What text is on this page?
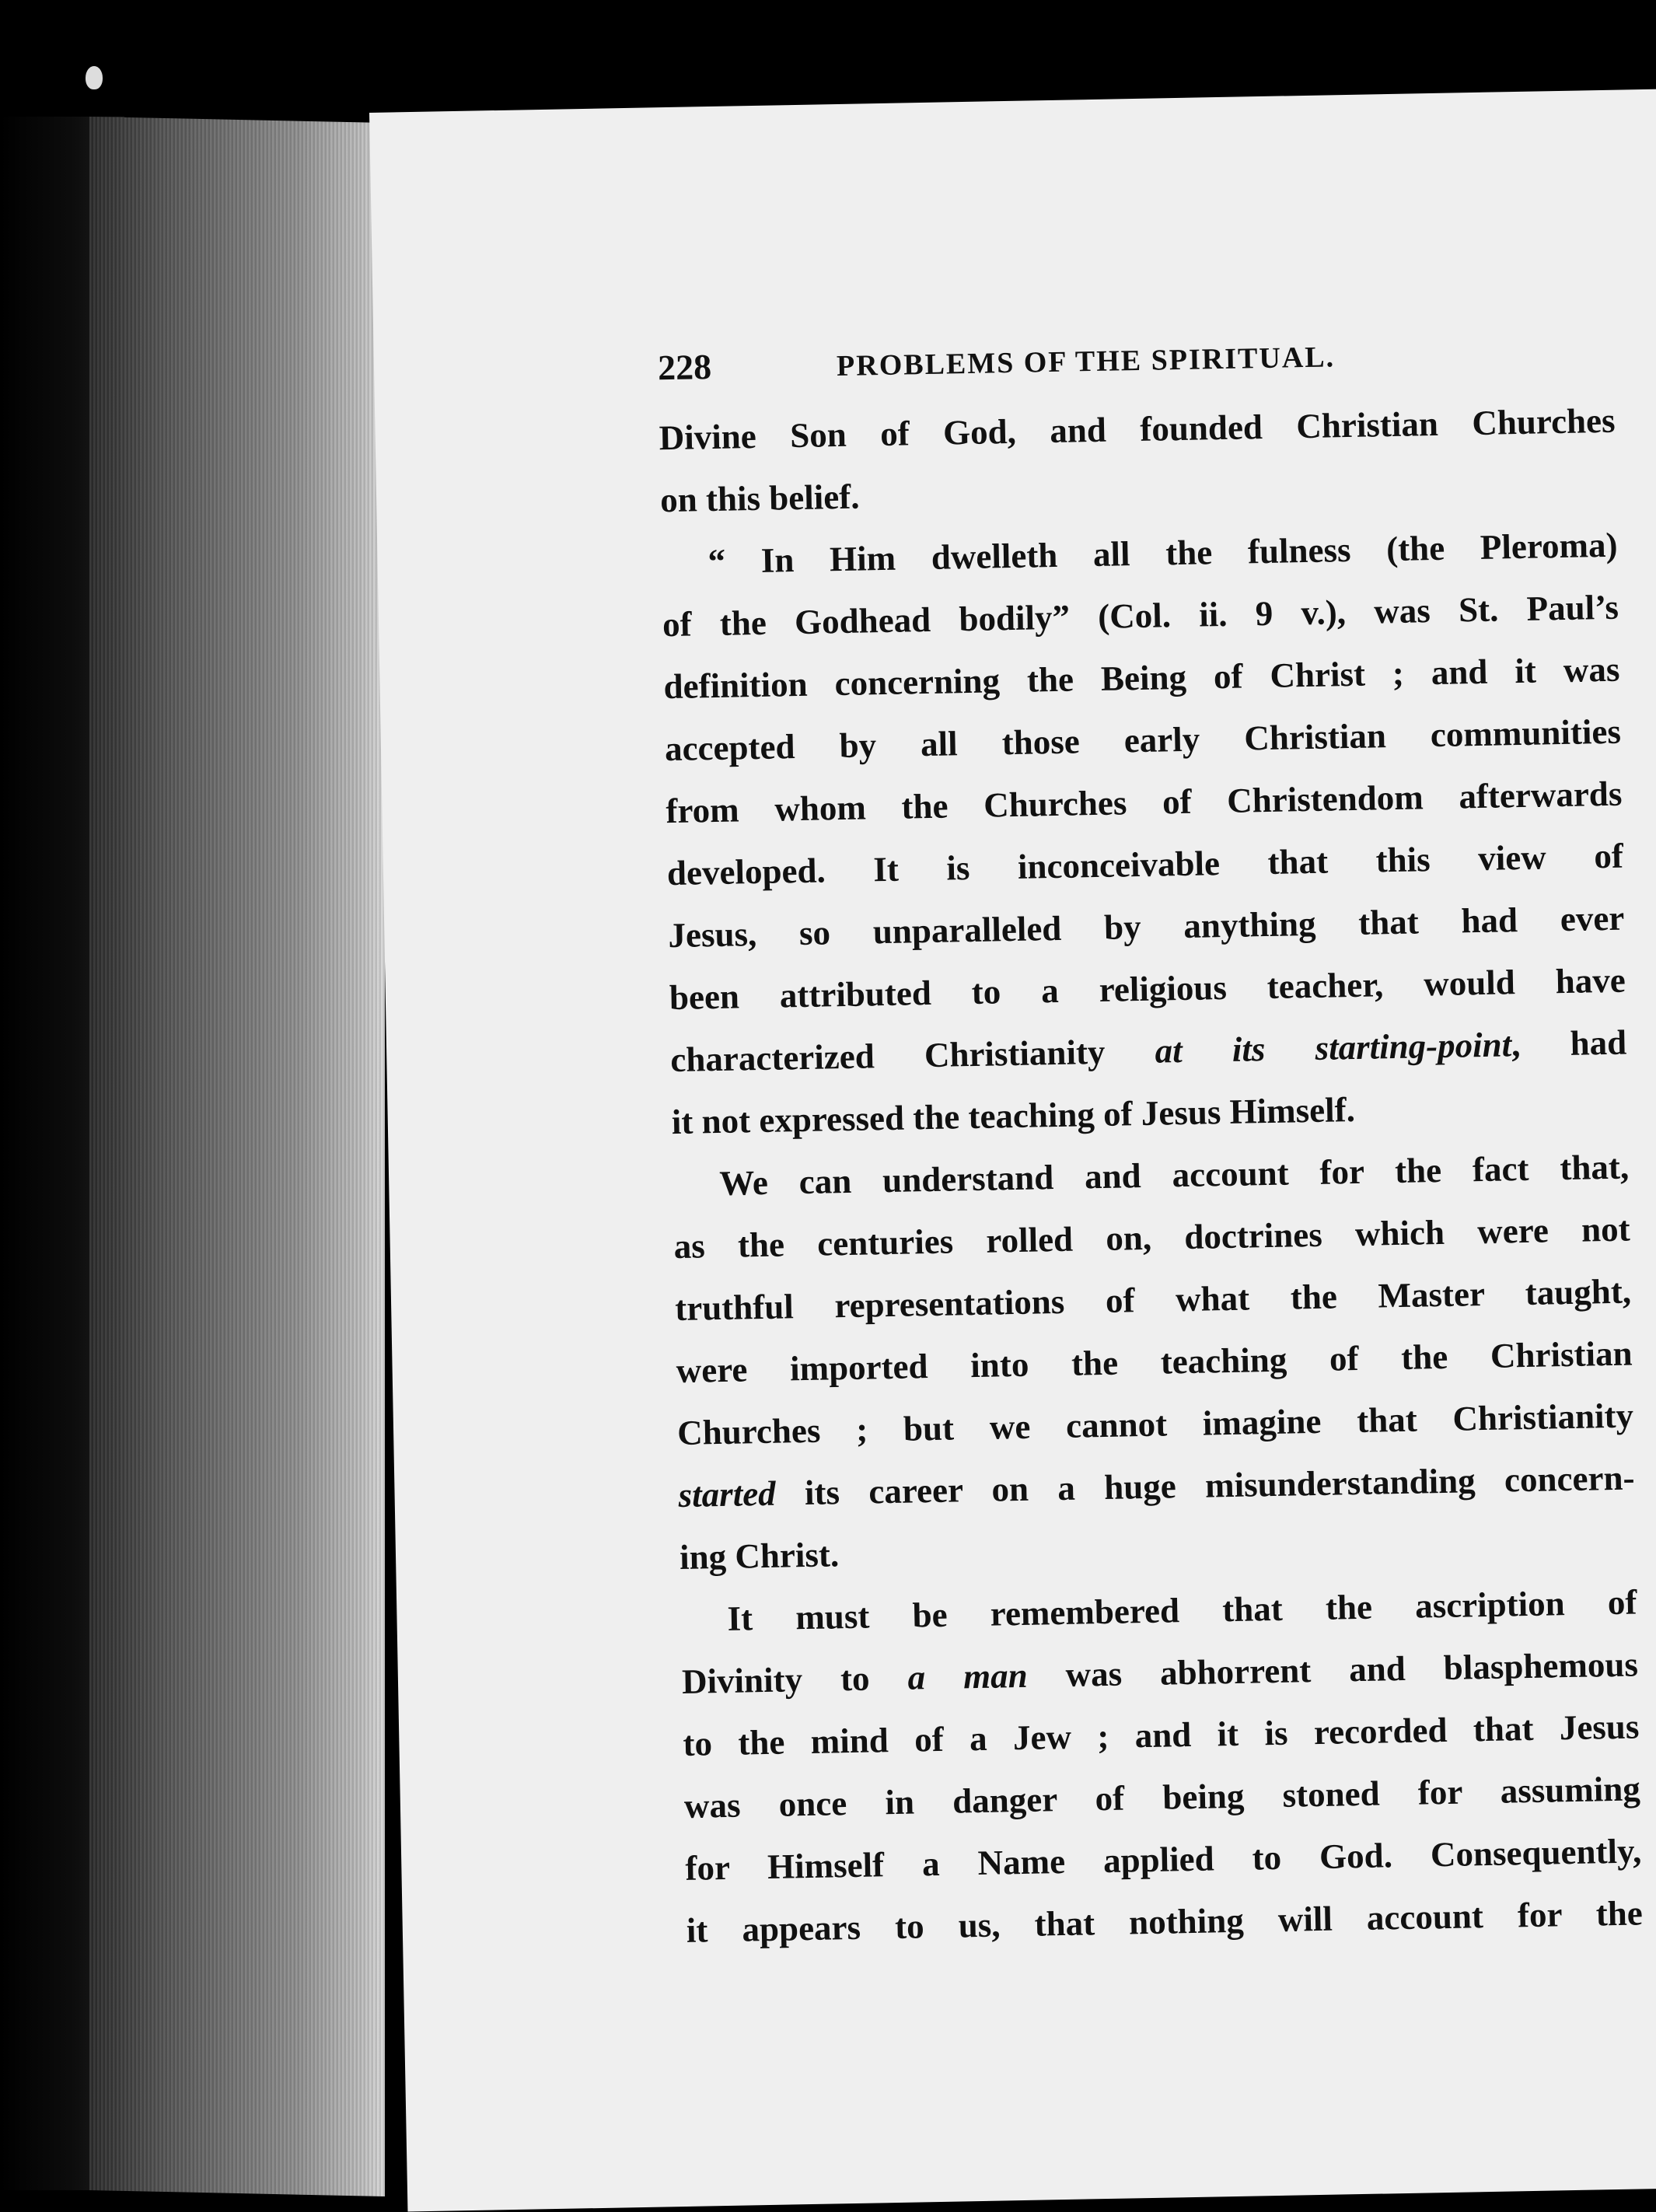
228	PROBLEMS OF THE SPIRITUAL.
Divine Son of God, and founded Christian Churches
on this belief.
“ In Him dwelleth all the fulness (the Pleroma)
of the Godhead bodily” (Col. ii. 9 v.), was St. Paul’s
definition concerning the Being of Christ ; and it was
accepted by all those early Christian communities
from whom the Churches of Christendom afterwards
developed. It is inconceivable that this view of
Jesus, so unparalleled by anything that had ever
been attributed to a religious teacher, would have
characterized Christianity at its starting-point, had
it not expressed the teaching of Jesus Himself.
We can understand and account for the fact that,
as the centuries rolled on, doctrines which were not
truthful representations of what the Master taught,
were imported into the teaching of the Christian
Churches ; but we cannot imagine that Christianity
started its career on a huge misunderstanding concern-
ing Christ.
It must be remembered that the ascription of
Divinity to a man was abhorrent and blasphemous
to the mind of a Jew ; and it is recorded that Jesus
was once in danger of being stoned for assuming
for Himself a Name applied to God. Consequently,
it appears to us, that nothing will account for the
